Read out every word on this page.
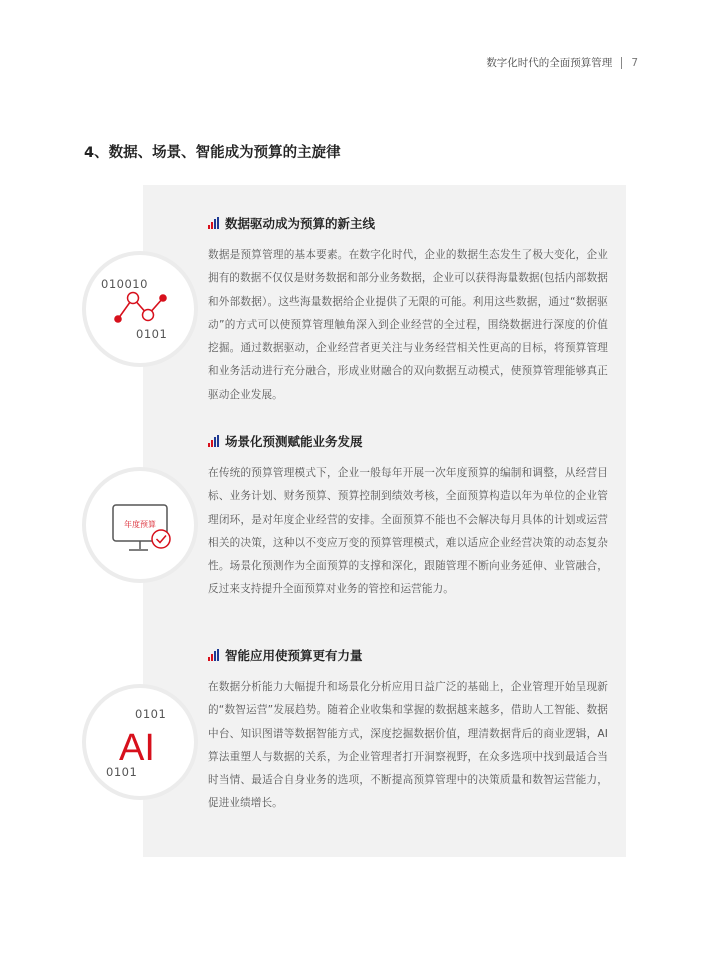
数字化时代的全面预算管理 7
4、数据、场景、智能成为预算的主旋律
010010
0101
年度预算
0101
AI
0101
数据驱动成为预算的新主线
数据是预算管理的基本要素。在数字化时代，企业的数据生态发生了极大变化，企业拥有的数据不仅仅是财务数据和部分业务数据，企业可以获得海量数据(包括内部数据和外部数据）。这些海量数据给企业提供了无限的可能。利用这些数据，通过“数据驱动”的方式可以使预算管理触角深入到企业经营的全过程，围绕数据进行深度的价值挖掘。通过数据驱动，企业经营者更关注与业务经营相关性更高的目标，将预算管理和业务活动进行充分融合，形成业财融合的双向数据互动模式，使预算管理能够真正驱动企业发展。
场景化预测赋能业务发展
在传统的预算管理模式下，企业一般每年开展一次年度预算的编制和调整，从经营目标、业务计划、财务预算、预算控制到绩效考核，全面预算构造以年为单位的企业管理闭环，是对年度企业经营的安排。全面预算不能也不会解决每月具体的计划或运营相关的决策，这种以不变应万变的预算管理模式，难以适应企业经营决策的动态复杂性。场景化预测作为全面预算的支撑和深化，跟随管理不断向业务延伸、业管融合，反过来支持提升全面预算对业务的管控和运营能力。
智能应用使预算更有力量
在数据分析能力大幅提升和场景化分析应用日益广泛的基础上，企业管理开始呈现新的“数智运营”发展趋势。随着企业收集和掌握的数据越来越多，借助人工智能、数据中台、知识图谱等数据智能方式，深度挖掘数据价值，理清数据背后的商业逻辑，AI 算法重塑人与数据的关系，为企业管理者打开洞察视野，在众多选项中找到最适合当时当情、最适合自身业务的选项，不断提高预算管理中的决策质量和数智运营能力，促进业绩增长。
